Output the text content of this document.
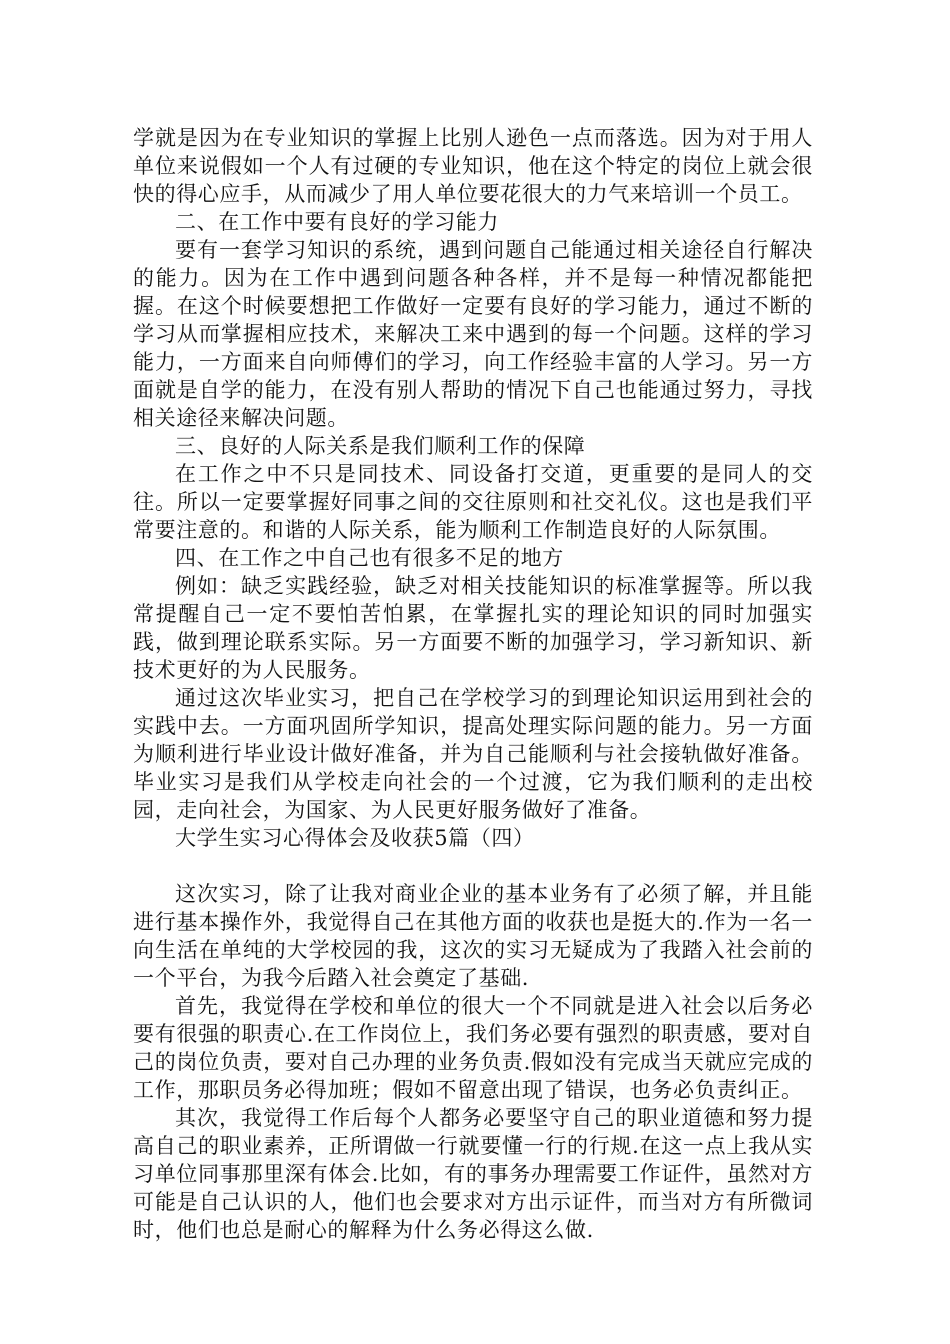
学就是因为在专业知识的掌握上比别人逊色一点而落选。因为对于用人单位来说假如一个人有过硬的专业知识，他在这个特定的岗位上就会很快的得心应手，从而减少了用人单位要花很大的力气来培训一个员工。

二、在工作中要有良好的学习能力

要有一套学习知识的系统，遇到问题自己能通过相关途径自行解决的能力。因为在工作中遇到问题各种各样，并不是每一种情况都能把握。在这个时候要想把工作做好一定要有良好的学习能力，通过不断的学习从而掌握相应技术，来解决工来中遇到的每一个问题。这样的学习能力，一方面来自向师傅们的学习，向工作经验丰富的人学习。另一方面就是自学的能力，在没有别人帮助的情况下自己也能通过努力，寻找相关途径来解决问题。

三、良好的人际关系是我们顺利工作的保障

在工作之中不只是同技术、同设备打交道，更重要的是同人的交往。所以一定要掌握好同事之间的交往原则和社交礼仪。这也是我们平常要注意的。和谐的人际关系，能为顺利工作制造良好的人际氛围。

四、在工作之中自己也有很多不足的地方

例如：缺乏实践经验，缺乏对相关技能知识的标准掌握等。所以我常提醒自己一定不要怕苦怕累，在掌握扎实的理论知识的同时加强实践，做到理论联系实际。另一方面要不断的加强学习，学习新知识、新技术更好的为人民服务。

通过这次毕业实习，把自己在学校学习的到理论知识运用到社会的实践中去。一方面巩固所学知识，提高处理实际问题的能力。另一方面为顺利进行毕业设计做好准备，并为自己能顺利与社会接轨做好准备。毕业实习是我们从学校走向社会的一个过渡，它为我们顺利的走出校园，走向社会，为国家、为人民更好服务做好了准备。

大学生实习心得体会及收获5篇（四）

这次实习，除了让我对商业企业的基本业务有了必须了解，并且能进行基本操作外，我觉得自己在其他方面的收获也是挺大的.作为一名一向生活在单纯的大学校园的我，这次的实习无疑成为了我踏入社会前的一个平台，为我今后踏入社会奠定了基础.

首先，我觉得在学校和单位的很大一个不同就是进入社会以后务必要有很强的职责心.在工作岗位上，我们务必要有强烈的职责感，要对自己的岗位负责，要对自己办理的业务负责.假如没有完成当天就应完成的工作，那职员务必得加班；假如不留意出现了错误，也务必负责纠正。

其次，我觉得工作后每个人都务必要坚守自己的职业道德和努力提高自己的职业素养，正所谓做一行就要懂一行的行规.在这一点上我从实习单位同事那里深有体会.比如，有的事务办理需要工作证件，虽然对方可能是自己认识的人，他们也会要求对方出示证件，而当对方有所微词时，他们也总是耐心的解释为什么务必得这么做.
